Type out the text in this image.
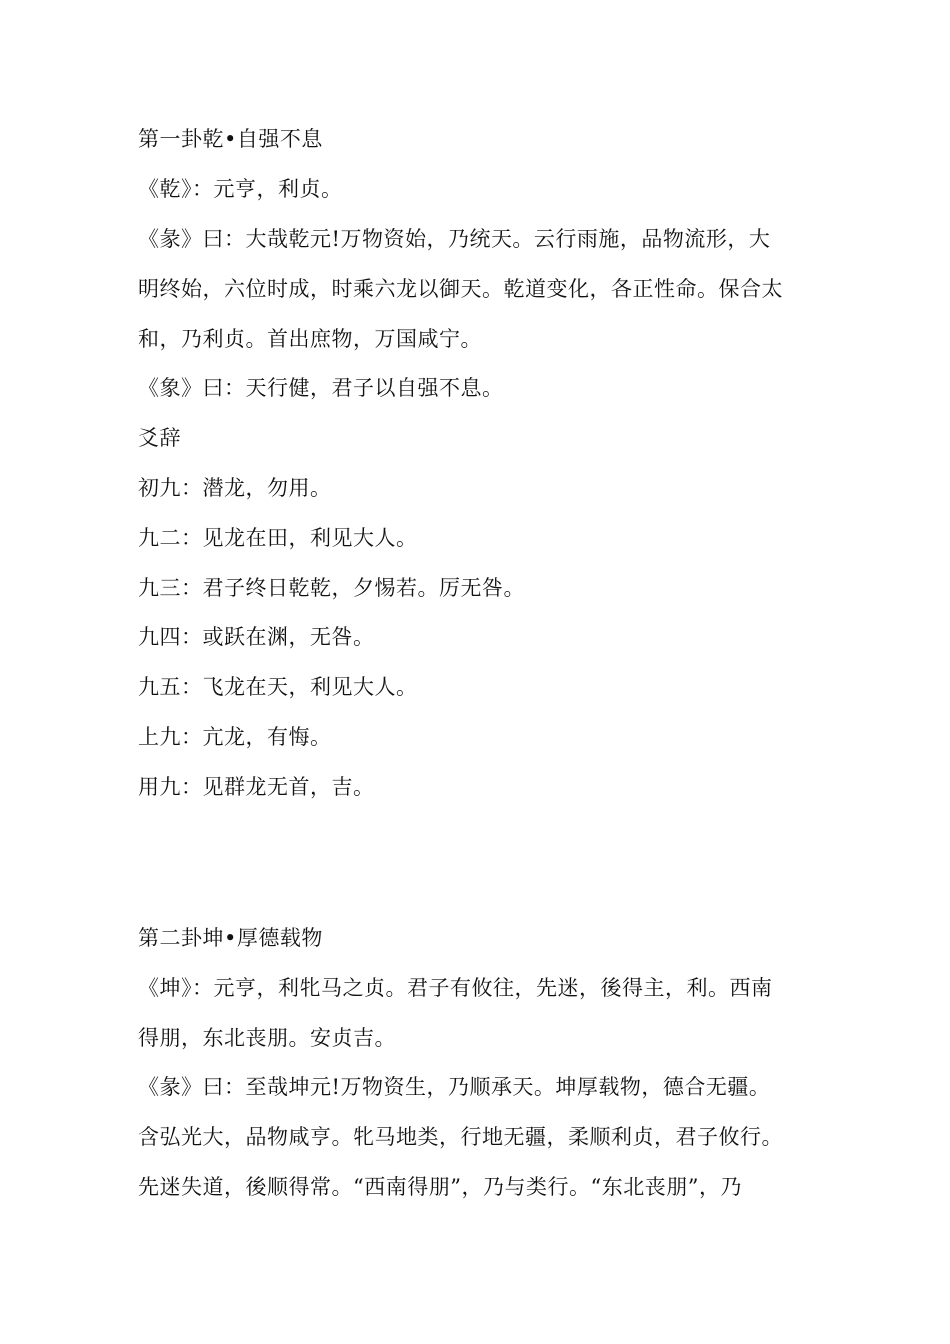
第一卦乾•自强不息
《乾》：元亨，利贞。
《彖》曰：大哉乾元!万物资始，乃统天。云行雨施，品物流形，大
明终始，六位时成，时乘六龙以御天。乾道变化，各正性命。保合太
和，乃利贞。首出庶物，万国咸宁。
《象》曰：天行健，君子以自强不息。
爻辞
初九：潜龙，勿用。
九二：见龙在田，利见大人。
九三：君子终日乾乾，夕惕若。厉无咎。
九四：或跃在渊，无咎。
九五：飞龙在天，利见大人。
上九：亢龙，有悔。
用九：见群龙无首，吉。
第二卦坤•厚德载物
《坤》：元亨，利牝马之贞。君子有攸往，先迷，後得主，利。西南
得朋，东北丧朋。安贞吉。
《彖》曰：至哉坤元!万物资生，乃顺承天。坤厚载物，德合无疆。
含弘光大，品物咸亨。牝马地类，行地无疆，柔顺利贞，君子攸行。
先迷失道，後顺得常。“西南得朋”，乃与类行。“东北丧朋”，乃
